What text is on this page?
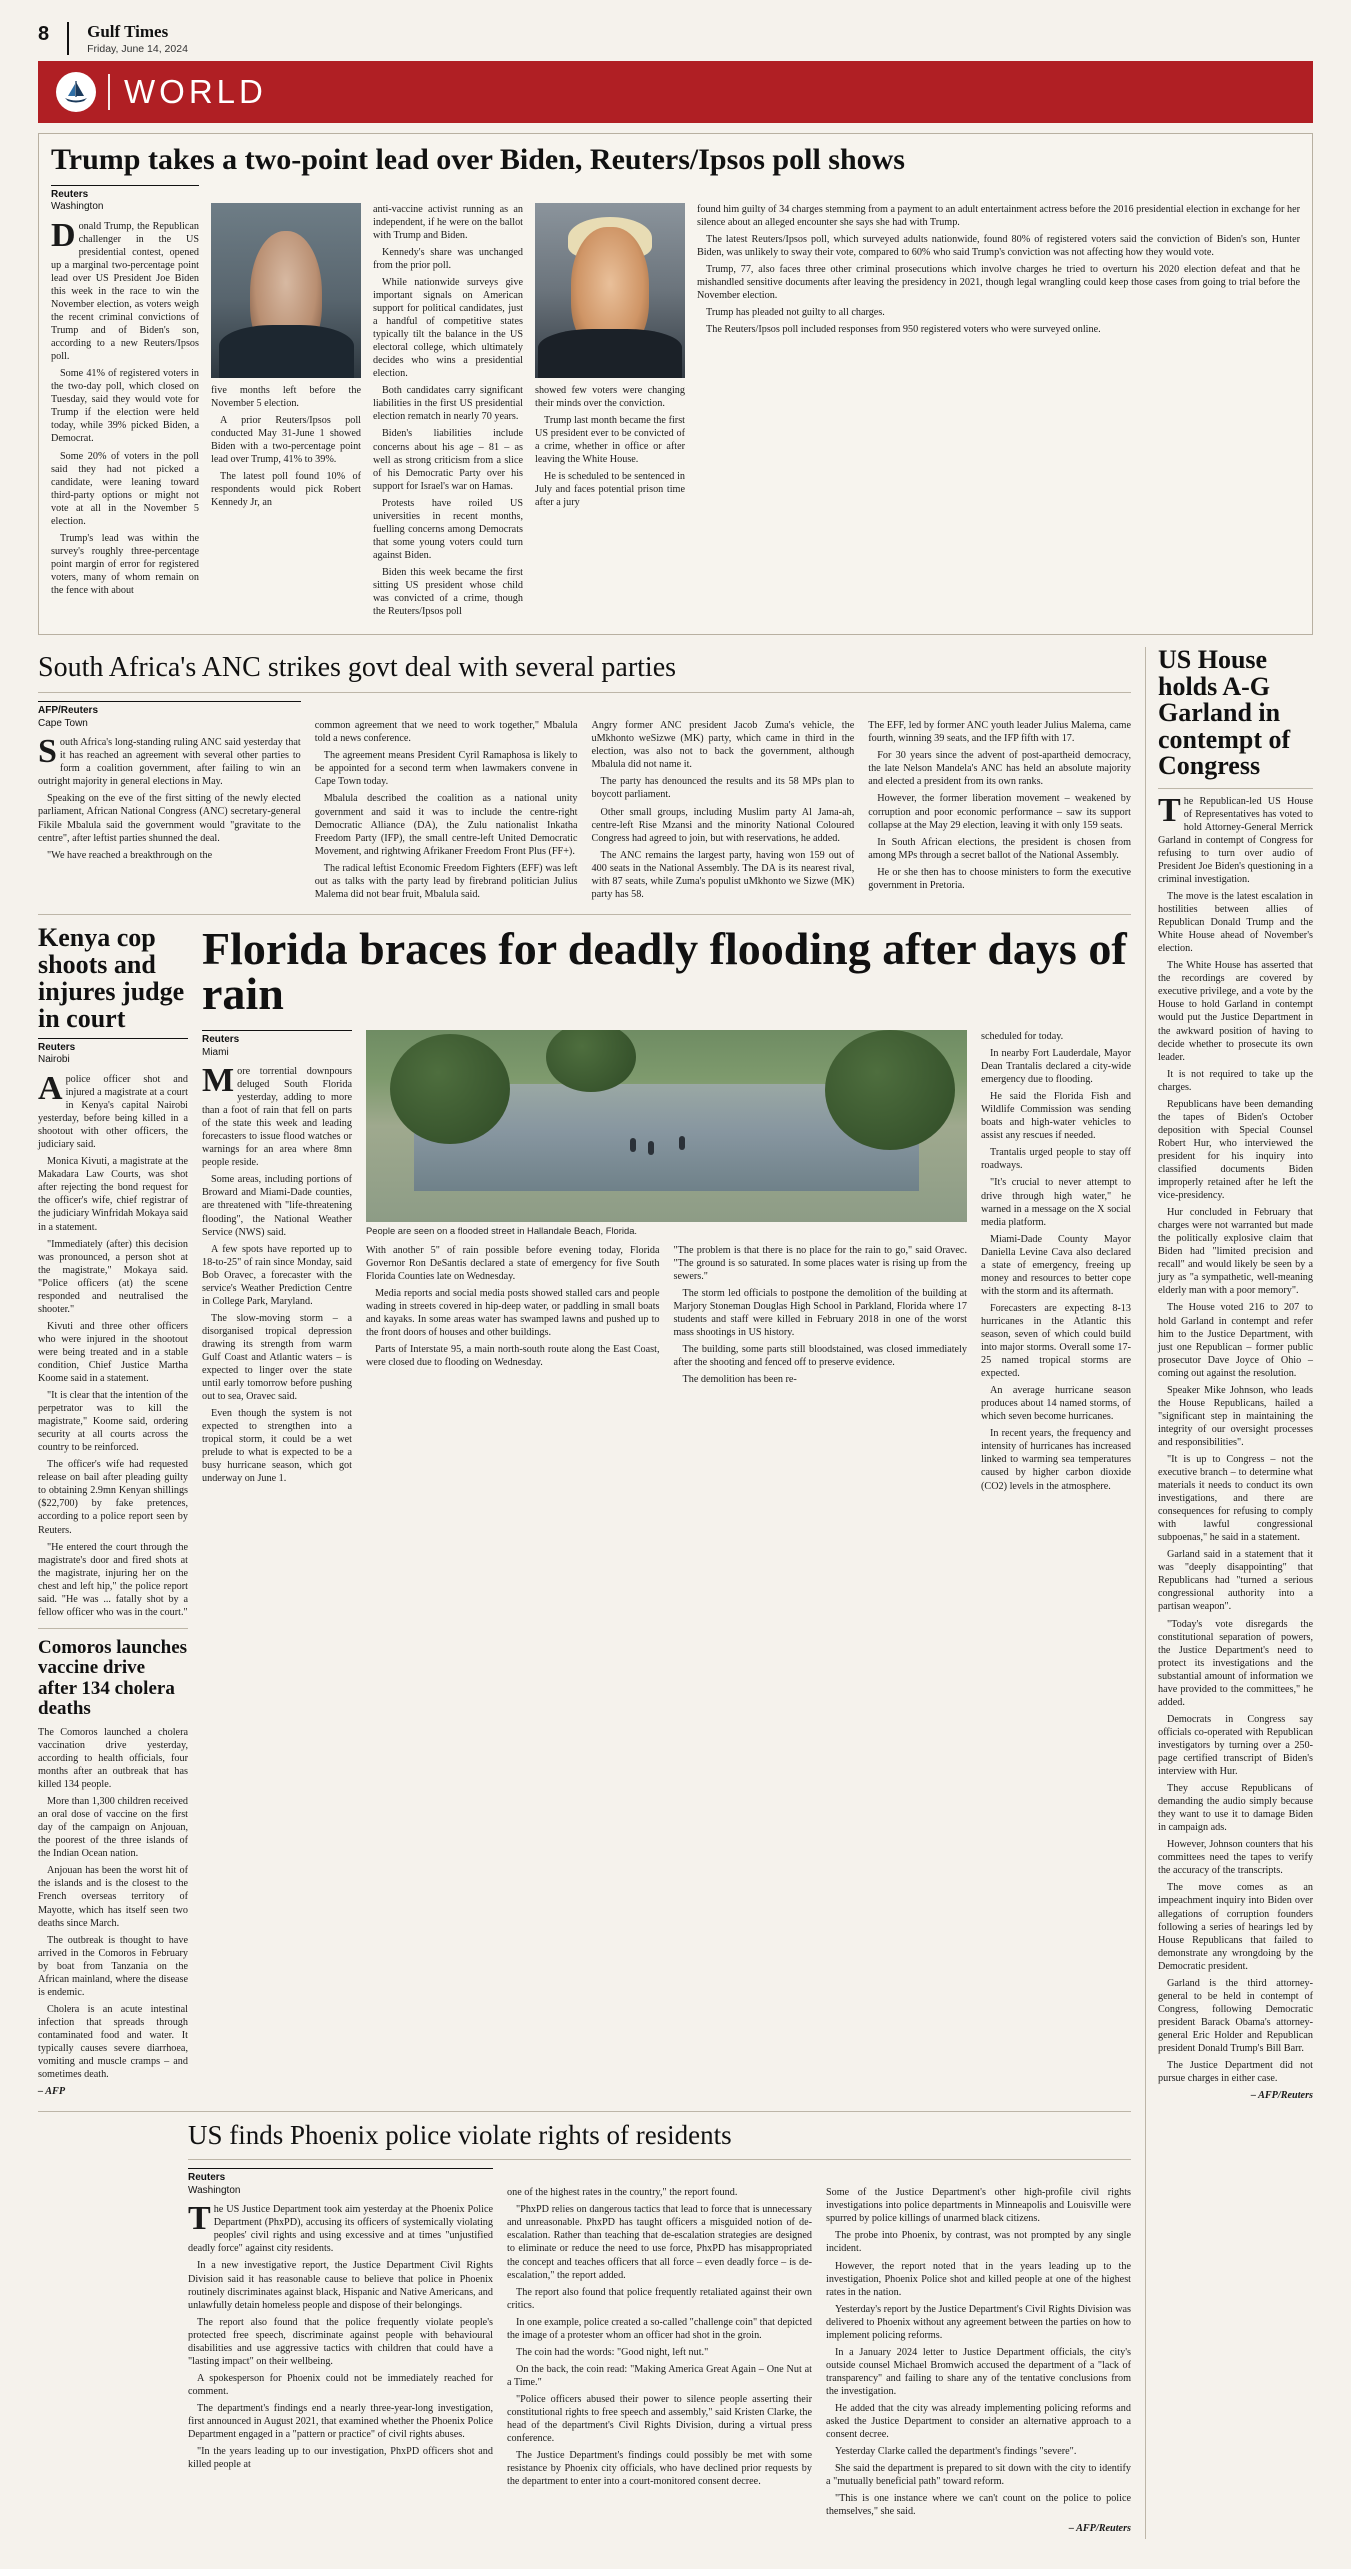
8 Gulf Times
Friday, June 14, 2024
WORLD
Trump takes a two-point lead over Biden, Reuters/Ipsos poll shows
Reuters
Washington

Donald Trump, the Republican challenger in the US presidential contest, opened up a marginal two-percentage point lead over US President Joe Biden this week in the race to win the November election, as voters weigh the recent criminal convictions of Trump and of Biden's son, according to a new Reuters/Ipsos poll.

Some 41% of registered voters in the two-day poll, which closed on Tuesday, said they would vote for Trump if the election were held today, while 39% picked Biden, a Democrat.

Some 20% of voters in the poll said they had not picked a candidate, were leaning toward third-party options or might not vote at all in the November 5 election.

Trump's lead was within the survey's roughly three-percentage point margin of error for registered voters, many of whom remain on the fence with about

five months left before the November 5 election.

A prior Reuters/Ipsos poll conducted May 31-June 1 showed Biden with a two-percentage point lead over Trump, 41% to 39%.

The latest poll found 10% of respondents would pick Robert Kennedy Jr, an

anti-vaccine activist running as an independent, if he were on the ballot with Trump and Biden.

Kennedy's share was unchanged from the prior poll.

While nationwide surveys give important signals on American support for political candidates, just a handful of competitive states typically tilt the balance in the US electoral college, which ultimately decides who wins a presidential election.

Both candidates carry significant liabilities in the first US presidential election rematch in nearly 70 years.

Biden's liabilities include concerns about his age – 81 – as well as strong criticism from a slice of his Democratic Party over his support for Israel's war on Hamas.

Protests have roiled US universities in recent months, fuelling concerns among Democrats that some young voters could turn against Biden.

Biden this week became the first sitting US president whose child was convicted of a crime, though the Reuters/Ipsos poll

showed few voters were changing their minds over the conviction.

Trump last month became the first US president ever to be convicted of a crime, whether in office or after leaving the White House.

He is scheduled to be sentenced in July and faces potential prison time after a jury

found him guilty of 34 charges stemming from a payment to an adult entertainment actress before the 2016 presidential election in exchange for her silence about an alleged encounter she says she had with Trump.

The latest Reuters/Ipsos poll, which surveyed adults nationwide, found 80% of registered voters said the conviction of Biden's son, Hunter Biden, was unlikely to sway their vote, compared to 60% who said Trump's conviction was not affecting how they would vote.

Trump, 77, also faces three other criminal prosecutions which involve charges he tried to overturn his 2020 election defeat and that he mishandled sensitive documents after leaving the presidency in 2021, though legal wrangling could keep those cases from going to trial before the November election.

Trump has pleaded not guilty to all charges.

The Reuters/Ipsos poll included responses from 950 registered voters who were surveyed online.

South Africa's ANC strikes govt deal with several parties
AFP/Reuters
Cape Town

South Africa's long-standing ruling ANC said yesterday that it has reached an agreement with several other parties to form a coalition government, after failing to win an outright majority in general elections in May.

Speaking on the eve of the first sitting of the newly elected parliament, African National Congress (ANC) secretary-general Fikile Mbalula said the government would "gravitate to the centre", after leftist parties shunned the deal.

"We have reached a breakthrough on the

common agreement that we need to work together," Mbalula told a news conference.

The agreement means President Cyril Ramaphosa is likely to be appointed for a second term when lawmakers convene in Cape Town today.

Mbalula described the coalition as a national unity government and said it was to include the centre-right Democratic Alliance (DA), the Zulu nationalist Inkatha Freedom Party (IFP), the small centre-left United Democratic Movement, and rightwing Afrikaner Freedom Front Plus (FF+).

The radical leftist Economic Freedom Fighters (EFF) was left out as talks with the party lead by firebrand politician Julius Malema did not bear fruit, Mbalula said.

Angry former ANC president Jacob Zuma's vehicle, the uMkhonto weSizwe (MK) party, which came in third in the election, was also not to back the government, although Mbalula did not name it.

The party has denounced the results and its 58 MPs plan to boycott parliament.

Other small groups, including Muslim party Al Jama-ah, centre-left Rise Mzansi and the minority National Coloured Congress had agreed to join, but with reservations, he added.

The ANC remains the largest party, having won 159 out of 400 seats in the National Assembly. The DA is its nearest rival, with 87 seats, while Zuma's populist uMkhonto we Sizwe (MK) party has 58.

The EFF, led by former ANC youth leader Julius Malema, came fourth, winning 39 seats, and the IFP fifth with 17.

For 30 years since the advent of post-apartheid democracy, the late Nelson Mandela's ANC has held an absolute majority and elected a president from its own ranks.

However, the former liberation movement – weakened by corruption and poor economic performance – saw its support collapse at the May 29 election, leaving it with only 159 seats.

In South African elections, the president is chosen from among MPs through a secret ballot of the National Assembly.

He or she then has to choose ministers to form the executive government in Pretoria.

Kenya cop shoots and injures judge in court
Reuters
Nairobi

Apolice officer shot and injured a magistrate at a court in Kenya's capital Nairobi yesterday, before being killed in a shootout with other officers, the judiciary said.

Monica Kivuti, a magistrate at the Makadara Law Courts, was shot after rejecting the bond request for the officer's wife, chief registrar of the judiciary Winfridah Mokaya said in a statement.

"Immediately (after) this decision was pronounced, a person shot at the magistrate," Mokaya said. "Police officers (at) the scene responded and neutralised the shooter."

Kivuti and three other officers who were injured in the shootout were being treated and in a stable condition, Chief Justice Martha Koome said in a statement.

"It is clear that the intention of the perpetrator was to kill the magistrate," Koome said, ordering security at all courts across the country to be reinforced.

The officer's wife had requested release on bail after pleading guilty to obtaining 2.9mn Kenyan shillings ($22,700) by fake pretences, according to a police report seen by Reuters.

"He entered the court through the magistrate's door and fired shots at the magistrate, injuring her on the chest and left hip," the police report said. "He was ... fatally shot by a fellow officer who was in the court."

Comoros launches vaccine drive after 134 cholera deaths

The Comoros launched a cholera vaccination drive yesterday, according to health officials, four months after an outbreak that has killed 134 people.

More than 1,300 children received an oral dose of vaccine on the first day of the campaign on Anjouan, the poorest of the three islands of the Indian Ocean nation.

Anjouan has been the worst hit of the islands and is the closest to the French overseas territory of Mayotte, which has itself seen two deaths since March.

The outbreak is thought to have arrived in the Comoros in February by boat from Tanzania on the African mainland, where the disease is endemic.

Cholera is an acute intestinal infection that spreads through contaminated food and water. It typically causes severe diarrhoea, vomiting and muscle cramps – and sometimes death.

– AFP

Florida braces for deadly flooding after days of rain
Reuters
Miami

More torrential downpours deluged South Florida yesterday, adding to more than a foot of rain that fell on parts of the state this week and leading forecasters to issue flood watches or warnings for an area where 8mn people reside.

Some areas, including portions of Broward and Miami-Dade counties, are threatened with "life-threatening flooding", the National Weather Service (NWS) said.

A few spots have reported up to 18-to-25" of rain since Monday, said Bob Oravec, a forecaster with the service's Weather Prediction Centre in College Park, Maryland.

The slow-moving storm – a disorganised tropical depression drawing its strength from warm Gulf Coast and Atlantic waters – is expected to linger over the state until early tomorrow before pushing out to sea, Oravec said.

Even though the system is not expected to strengthen into a tropical storm, it could be a wet prelude to what is expected to be a busy hurricane season, which got underway on June 1.

People are seen on a flooded street in Hallandale Beach, Florida.

With another 5" of rain possible before evening today, Florida Governor Ron DeSantis declared a state of emergency for five South Florida Counties late on Wednesday.

Media reports and social media posts showed stalled cars and people wading in streets covered in hip-deep water, or paddling in small boats and kayaks. In some areas water has swamped lawns and pushed up to the front doors of houses and other buildings.

Parts of Interstate 95, a main north-south route along the East Coast, were closed due to flooding on Wednesday.

"The problem is that there is no place for the rain to go," said Oravec. "The ground is so saturated. In some places water is rising up from the sewers."

The storm led officials to postpone the demolition of the building at Marjory Stoneman Douglas High School in Parkland, Florida where 17 students and staff were killed in February 2018 in one of the worst mass shootings in US history.

The building, some parts still bloodstained, was closed immediately after the shooting and fenced off to preserve evidence.

The demolition has been re-

scheduled for today.

In nearby Fort Lauderdale, Mayor Dean Trantalis declared a city-wide emergency due to flooding.

He said the Florida Fish and Wildlife Commission was sending boats and high-water vehicles to assist any rescues if needed.

Trantalis urged people to stay off roadways.

"It's crucial to never attempt to drive through high water," he warned in a message on the X social media platform.

Miami-Dade County Mayor Daniella Levine Cava also declared a state of emergency, freeing up money and resources to better cope with the storm and its aftermath.

Forecasters are expecting 8-13 hurricanes in the Atlantic this season, seven of which could build into major storms. Overall some 17-25 named tropical storms are expected.

An average hurricane season produces about 14 named storms, of which seven become hurricanes.

In recent years, the frequency and intensity of hurricanes has increased linked to warming sea temperatures caused by higher carbon dioxide (CO2) levels in the atmosphere.

US finds Phoenix police violate rights of residents
Reuters
Washington

The US Justice Department took aim yesterday at the Phoenix Police Department (PhxPD), accusing its officers of systemically violating peoples' civil rights and using excessive and at times "unjustified deadly force" against city residents.

In a new investigative report, the Justice Department Civil Rights Division said it has reasonable cause to believe that police in Phoenix routinely discriminates against black, Hispanic and Native Americans, and unlawfully detain homeless people and dispose of their belongings.

The report also found that the police frequently violate people's protected free speech, discriminate against people with behavioural disabilities and use aggressive tactics with children that could have a "lasting impact" on their wellbeing.

A spokesperson for Phoenix could not be immediately reached for comment.

The department's findings end a nearly three-year-long investigation, first announced in August 2021, that examined whether the Phoenix Police Department engaged in a "pattern or practice" of civil rights abuses.

"In the years leading up to our investigation, PhxPD officers shot and killed people at

one of the highest rates in the country," the report found.

"PhxPD relies on dangerous tactics that lead to force that is unnecessary and unreasonable. PhxPD has taught officers a misguided notion of de-escalation. Rather than teaching that de-escalation strategies are designed to eliminate or reduce the need to use force, PhxPD has misappropriated the concept and teaches officers that all force – even deadly force – is de-escalation," the report added.

The report also found that police frequently retaliated against their own critics.

In one example, police created a so-called "challenge coin" that depicted the image of a protester whom an officer had shot in the groin.

The coin had the words: "Good night, left nut."

On the back, the coin read: "Making America Great Again – One Nut at a Time."

"Police officers abused their power to silence people asserting their constitutional rights to free speech and assembly," said Kristen Clarke, the head of the department's Civil Rights Division, during a virtual press conference.

The Justice Department's findings could possibly be met with some resistance by Phoenix city officials, who have declined prior requests by the department to enter into a court-monitored consent decree.

Some of the Justice Department's other high-profile civil rights investigations into police departments in Minneapolis and Louisville were spurred by police killings of unarmed black citizens.

The probe into Phoenix, by contrast, was not prompted by any single incident.

However, the report noted that in the years leading up to the investigation, Phoenix Police shot and killed people at one of the highest rates in the nation.

Yesterday's report by the Justice Department's Civil Rights Division was delivered to Phoenix without any agreement between the parties on how to implement policing reforms.

In a January 2024 letter to Justice Department officials, the city's outside counsel Michael Bromwich accused the department of a "lack of transparency" and failing to share any of the tentative conclusions from the investigation.

He added that the city was already implementing policing reforms and asked the Justice Department to consider an alternative approach to a consent decree.

Yesterday Clarke called the department's findings "severe".

She said the department is prepared to sit down with the city to identify a "mutually beneficial path" toward reform.

"This is one instance where we can't count on the police to police themselves," she said.

– AFP/Reuters

US House holds A-G Garland in contempt of Congress

The Republican-led US House of Representatives has voted to hold Attorney-General Merrick Garland in contempt of Congress for refusing to turn over audio of President Joe Biden's questioning in a criminal investigation.

The move is the latest escalation in hostilities between allies of Republican Donald Trump and the White House ahead of November's election.

The White House has asserted that the recordings are covered by executive privilege, and a vote by the House to hold Garland in contempt would put the Justice Department in the awkward position of having to decide whether to prosecute its own leader.

It is not required to take up the charges.

Republicans have been demanding the tapes of Biden's October deposition with Special Counsel Robert Hur, who interviewed the president for his inquiry into classified documents Biden improperly retained after he left the vice-presidency.

Hur concluded in February that charges were not warranted but made the politically explosive claim that Biden had "limited precision and recall" and would likely be seen by a jury as "a sympathetic, well-meaning elderly man with a poor memory".

The House voted 216 to 207 to hold Garland in contempt and refer him to the Justice Department, with just one Republican – former public prosecutor Dave Joyce of Ohio – coming out against the resolution.

Speaker Mike Johnson, who leads the House Republicans, hailed a "significant step in maintaining the integrity of our oversight processes and responsibilities".

"It is up to Congress – not the executive branch – to determine what materials it needs to conduct its own investigations, and there are consequences for refusing to comply with lawful congressional subpoenas," he said in a statement.

Garland said in a statement that it was "deeply disappointing" that Republicans had "turned a serious congressional authority into a partisan weapon".

"Today's vote disregards the constitutional separation of powers, the Justice Department's need to protect its investigations and the substantial amount of information we have provided to the committees," he added.

Democrats in Congress say officials co-operated with Republican investigators by turning over a 250-page certified transcript of Biden's interview with Hur.

They accuse Republicans of demanding the audio simply because they want to use it to damage Biden in campaign ads.

However, Johnson counters that his committees need the tapes to verify the accuracy of the transcripts.

The move comes as an impeachment inquiry into Biden over allegations of corruption founders following a series of hearings led by House Republicans that failed to demonstrate any wrongdoing by the Democratic president.

Garland is the third attorney-general to be held in contempt of Congress, following Democratic president Barack Obama's attorney-general Eric Holder and Republican president Donald Trump's Bill Barr.

The Justice Department did not pursue charges in either case.

– AFP/Reuters
